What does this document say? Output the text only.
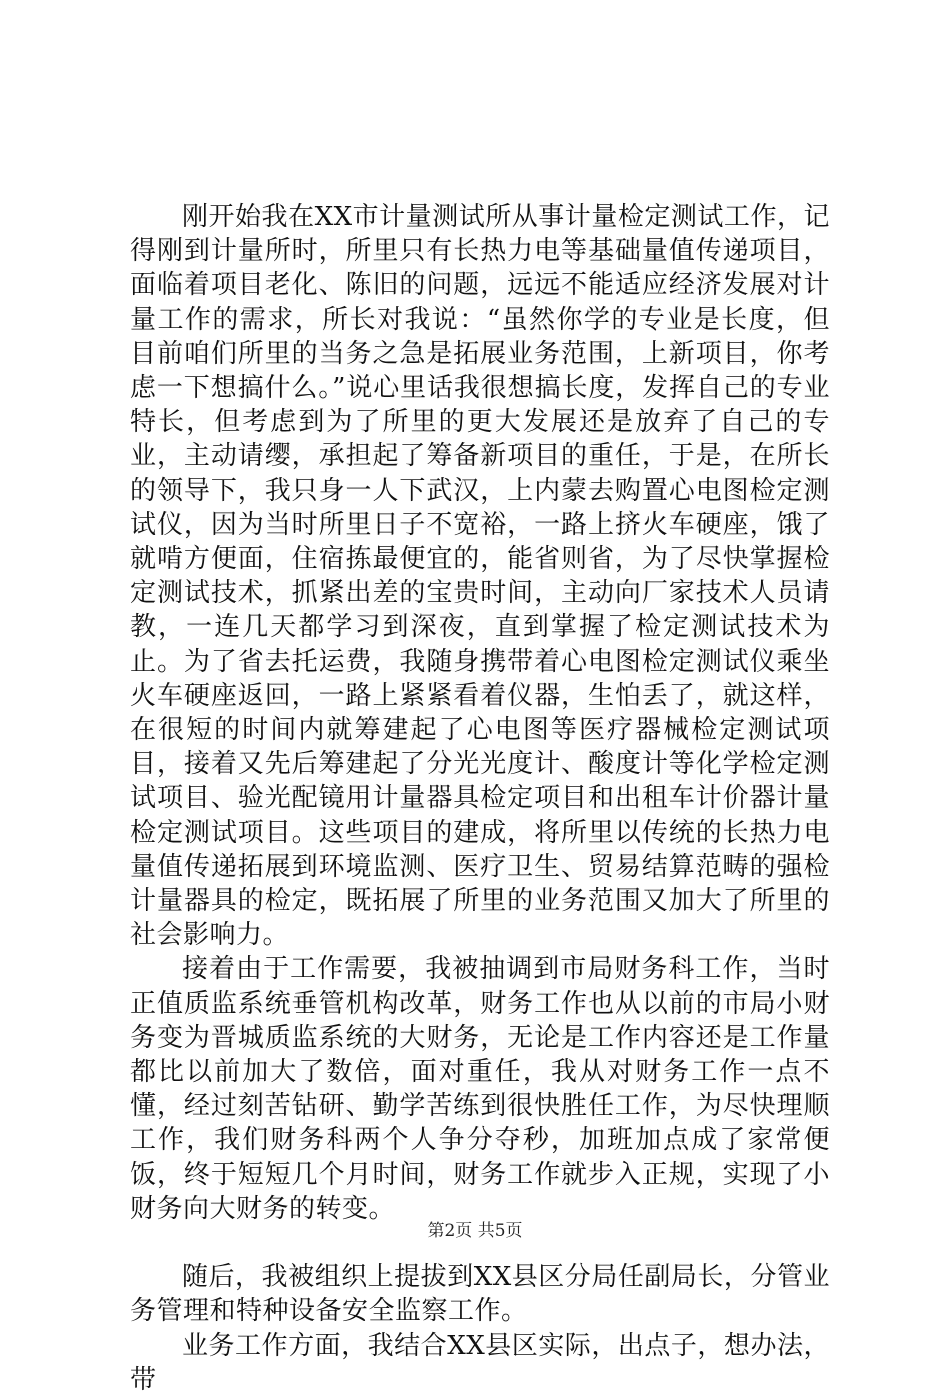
刚开始我在XX市计量测试所从事计量检定测试工作，记得刚到计量所时，所里只有长热力电等基础量值传递项目，面临着项目老化、陈旧的问题，远远不能适应经济发展对计量工作的需求，所长对我说：“虽然你学的专业是长度，但目前咱们所里的当务之急是拓展业务范围，上新项目，你考虑一下想搞什么。”说心里话我很想搞长度，发挥自己的专业特长，但考虑到为了所里的更大发展还是放弃了自己的专业，主动请缨，承担起了筹备新项目的重任，于是，在所长的领导下，我只身一人下武汉，上内蒙去购置心电图检定测试仪，因为当时所里日子不宽裕，一路上挤火车硬座，饿了就啃方便面，住宿拣最便宜的，能省则省，为了尽快掌握检定测试技术，抓紧出差的宝贵时间，主动向厂家技术人员请教，一连几天都学习到深夜，直到掌握了检定测试技术为止。为了省去托运费，我随身携带着心电图检定测试仪乘坐火车硬座返回，一路上紧紧看着仪器，生怕丢了，就这样，在很短的时间内就筹建起了心电图等医疗器械检定测试项目，接着又先后筹建起了分光光度计、酸度计等化学检定测试项目、验光配镜用计量器具检定项目和出租车计价器计量检定测试项目。这些项目的建成，将所里以传统的长热力电量值传递拓展到环境监测、医疗卫生、贸易结算范畴的强检计量器具的检定，既拓展了所里的业务范围又加大了所里的社会影响力。

接着由于工作需要，我被抽调到市局财务科工作，当时正值质监系统垂管机构改革，财务工作也从以前的市局小财务变为晋城质监系统的大财务，无论是工作内容还是工作量都比以前加大了数倍，面对重任，我从对财务工作一点不懂，经过刻苦钻研、勤学苦练到很快胜任工作，为尽快理顺工作，我们财务科两个人争分夺秒，加班加点成了家常便饭，终于短短几个月时间，财务工作就步入正规，实现了小财务向大财务的转变。

随后，我被组织上提拔到XX县区分局任副局长，分管业务管理和特种设备安全监察工作。

业务工作方面，我结合XX县区实际，出点子，想办法，带

第2页 共5页
